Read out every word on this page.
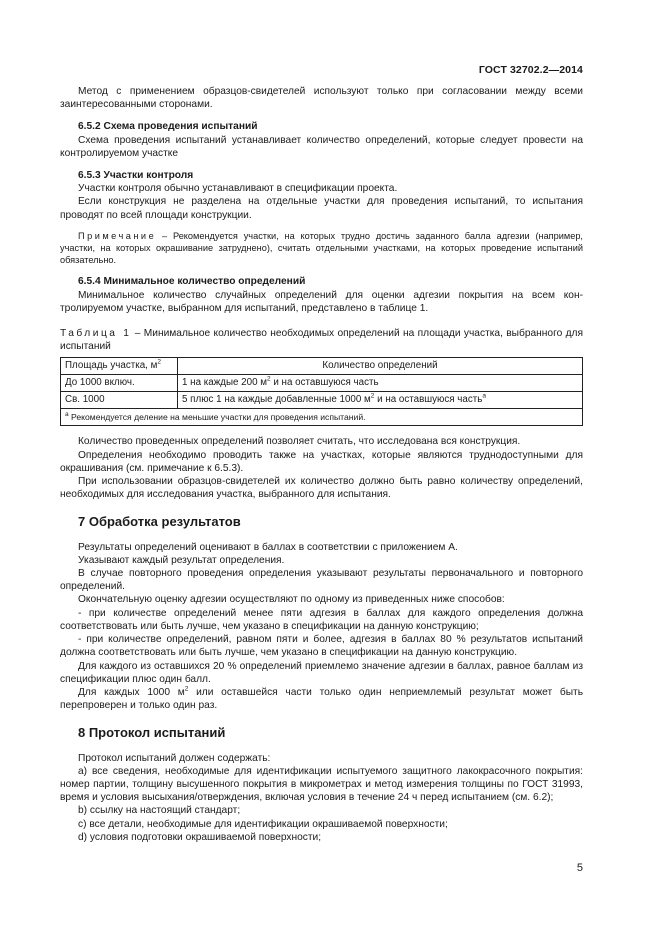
ГОСТ 32702.2—2014

Метод с применением образцов-свидетелей используют только при согласовании между всеми заинтересованными сторонами.

6.5.2 Схема проведения испытаний

Схема проведения испытаний устанавливает количество определений, которые следует провести на контролируемом участке

6.5.3 Участки контроля

Участки контроля обычно устанавливают в спецификации проекта.

Если конструкция не разделена на отдельные участки для проведения испытаний, то испытания проводят по всей площади конструкции.

Примечание – Рекомендуется участки, на которых трудно достичь заданного балла адгезии (например, участки, на которых окрашивание затруднено), считать отдельными участками, на которых проведение испытаний обязательно.

6.5.4 Минимальное количество определений

Минимальное количество случайных определений для оценки адгезии покрытия на всем контролируемом участке, выбранном для испытаний, представлено в таблице 1.

Таблица 1 – Минимальное количество необходимых определений на площади участка, выбранного для испытаний

Площадь участка, $м^2$	Количество определений
До 1000 включ.	1 на каждые 200 $м^2$ и на оставшуюся часть
Св. 1000	5 плюс 1 на каждые добавленные 1000 $м^2$ и на оставшуюся часть$^a$
$^a$ Рекомендуется деление на меньшие участки для проведения испытаний.	

Количество проведенных определений позволяет считать, что исследована вся конструкция.

Определения необходимо проводить также на участках, которые являются труднодоступными для окрашивания (см. примечание к 6.5.3).

При использовании образцов-свидетелей их количество должно быть равно количеству определений, необходимых для исследования участка, выбранного для испытания.

7 Обработка результатов

Результаты определений оценивают в баллах в соответствии с приложением А.

Указывают каждый результат определения.

В случае повторного проведения определения указывают результаты первоначального и повторного определений.

Окончательную оценку адгезии осуществляют по одному из приведенных ниже способов:

- при количестве определений менее пяти адгезия в баллах для каждого определения должна соответствовать или быть лучше, чем указано в спецификации на данную конструкцию;

- при количестве определений, равном пяти и более, адгезия в баллах 80 % результатов испытаний должна соответствовать или быть лучше, чем указано в спецификации на данную конструкцию.

Для каждого из оставшихся 20 % определений приемлемо значение адгезии в баллах, равное баллам из спецификации плюс один балл.

Для каждых 1000 $м^2$ или оставшейся части только один неприемлемый результат может быть перепроверен и только один раз.

8 Протокол испытаний

Протокол испытаний должен содержать:

а) все сведения, необходимые для идентификации испытуемого защитного лакокрасочного покрытия: номер партии, толщину высушенного покрытия в микрометрах и метод измерения толщины по ГОСТ 31993, время и условия высыхания/отверждения, включая условия в течение 24 ч перед испытанием (см. 6.2);

b) ссылку на настоящий стандарт;

с) все детали, необходимые для идентификации окрашиваемой поверхности;

d) условия подготовки окрашиваемой поверхности;

5
